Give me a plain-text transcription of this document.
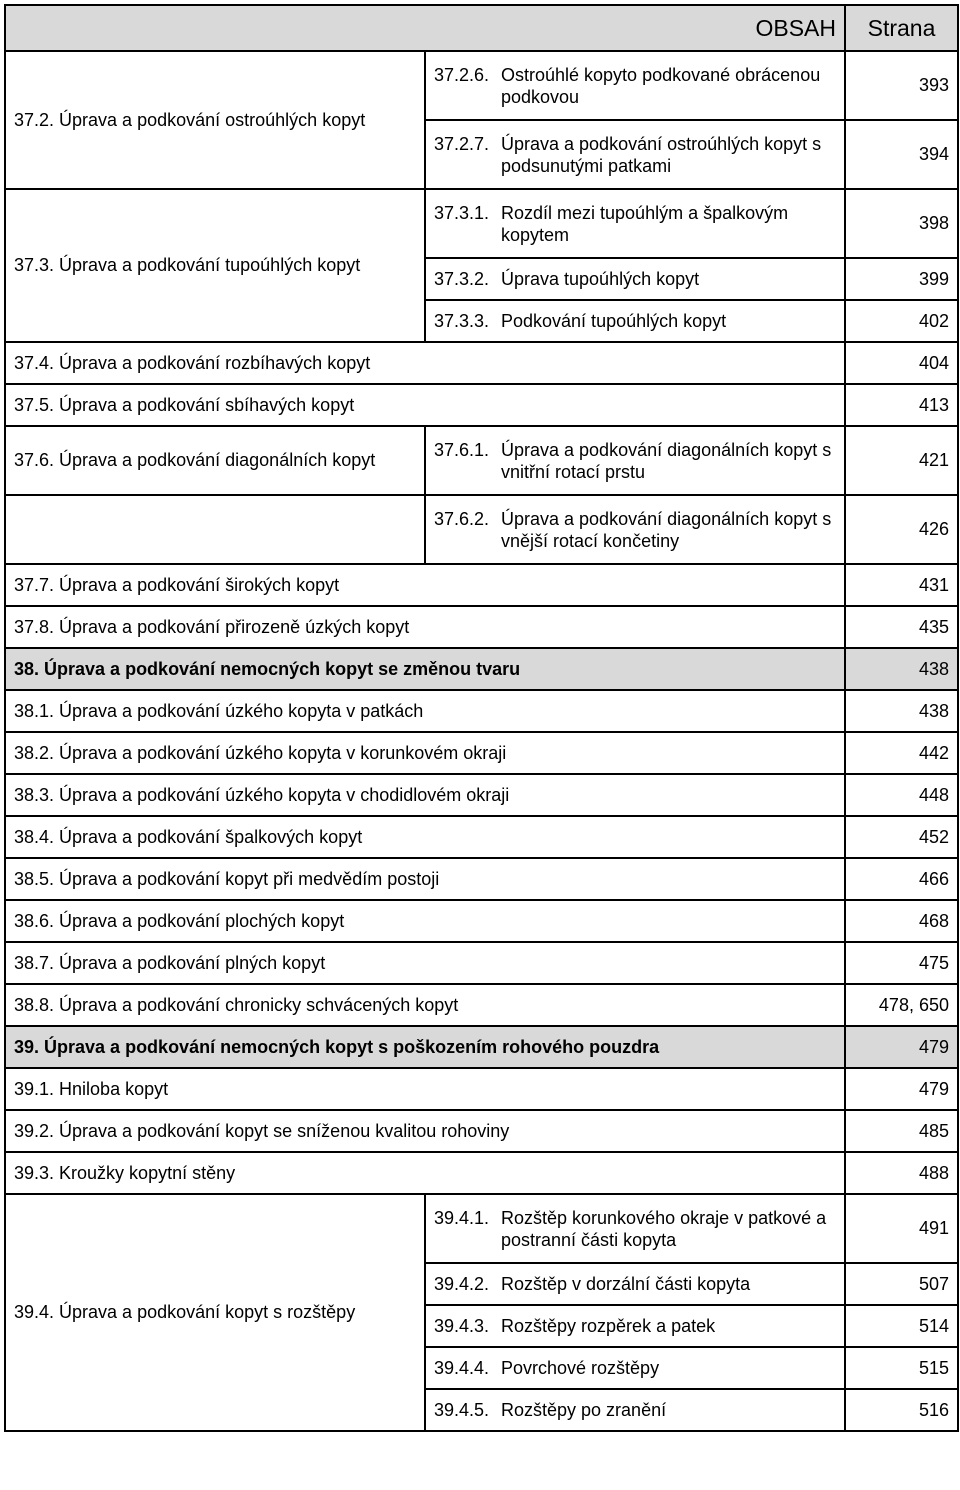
OBSAH		Strana
37.2. Úprava a podkování ostroúhlých kopyt	37.2.6. Ostroúhlé kopyto podkované obrácenou podkovou	393

	37.2.7. Úprava a podkování ostroúhlých kopyt s podsunutými patkami	394
37.3. Úprava a podkování tupoúhlých kopyt	37.3.1. Rozdíl mezi tupoúhlým a špalkovým kopytem	398

	37.3.2. Úprava tupoúhlých kopyt	399

	37.3.3. Podkování tupoúhlých kopyt	402
37.4. Úprava a podkování rozbíhavých kopyt		404
37.5. Úprava a podkování sbíhavých kopyt		413
37.6. Úprava a podkování diagonálních kopyt	37.6.1. Úprava a podkování diagonálních kopyt s vnitřní rotací prstu	421

	37.6.2. Úprava a podkování diagonálních kopyt s vnější rotací končetiny	426
37.7. Úprava a podkování širokých kopyt		431
37.8. Úprava a podkování přirozeně úzkých kopyt		435
38. Úprava a podkování nemocných kopyt se změnou tvaru		438
38.1. Úprava a podkování úzkého kopyta v patkách		438
38.2. Úprava a podkování úzkého kopyta v korunkovém okraji		442
38.3. Úprava a podkování úzkého kopyta v chodidlovém okraji		448
38.4. Úprava a podkování špalkových kopyt		452
38.5. Úprava a podkování kopyt při medvědím postoji		466
38.6. Úprava a podkování plochých kopyt		468
38.7. Úprava a podkování plných kopyt		475
38.8. Úprava a podkování chronicky schvácených kopyt		478, 650
39. Úprava a podkování nemocných kopyt s poškozením rohového pouzdra		479
39.1. Hniloba kopyt		479
39.2. Úprava a podkování kopyt se sníženou kvalitou rohoviny		485
39.3. Kroužky kopytní stěny		488
39.4. Úprava a podkování kopyt s rozštěpy	39.4.1. Rozštěp korunkového okraje v patkové a postranní části kopyta	491

	39.4.2. Rozštěp v dorzální části kopyta	507

	39.4.3. Rozštěpy rozpěrek a patek	514

	39.4.4. Povrchové rozštěpy	515

	39.4.5. Rozštěpy po zranění	516
